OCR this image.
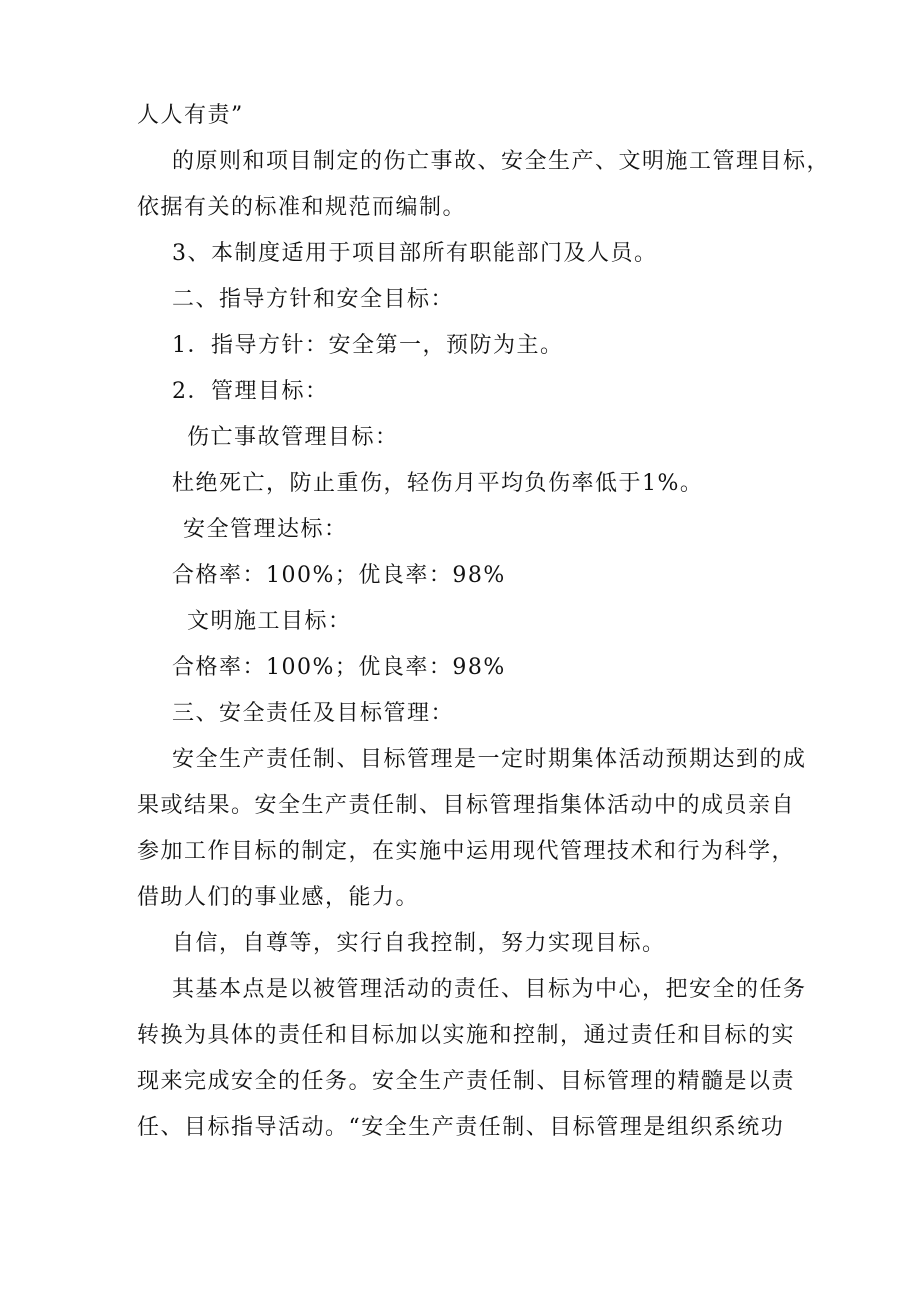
人人有责”
的原则和项目制定的伤亡事故、安全生产、文明施工管理目标，
依据有关的标准和规范而编制。
3、本制度适用于项目部所有职能部门及人员。
二、指导方针和安全目标：
1．指导方针：安全第一，预防为主。
2．管理目标：
伤亡事故管理目标：
杜绝死亡，防止重伤，轻伤月平均负伤率低于1%。
安全管理达标：
合格率：100%；优良率：98%
文明施工目标：
合格率：100%；优良率：98%
三、安全责任及目标管理：
安全生产责任制、目标管理是一定时期集体活动预期达到的成
果或结果。安全生产责任制、目标管理指集体活动中的成员亲自
参加工作目标的制定，在实施中运用现代管理技术和行为科学，
借助人们的事业感，能力。
自信，自尊等，实行自我控制，努力实现目标。
其基本点是以被管理活动的责任、目标为中心，把安全的任务
转换为具体的责任和目标加以实施和控制，通过责任和目标的实
现来完成安全的任务。安全生产责任制、目标管理的精髓是以责
任、目标指导活动。“安全生产责任制、目标管理是组织系统功
